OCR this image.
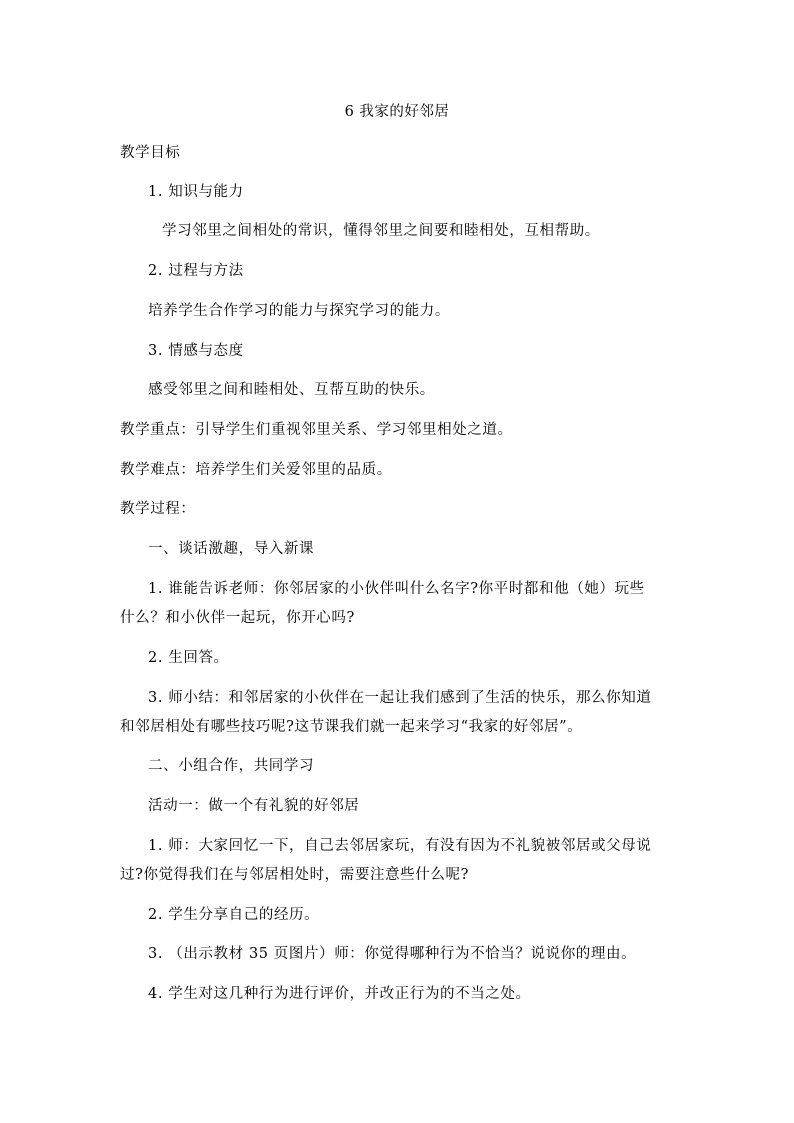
6 我家的好邻居
教学目标
1. 知识与能力
学习邻里之间相处的常识，懂得邻里之间要和睦相处，互相帮助。
2. 过程与方法
培养学生合作学习的能力与探究学习的能力。
3. 情感与态度
感受邻里之间和睦相处、互帮互助的快乐。
教学重点：引导学生们重视邻里关系、学习邻里相处之道。
教学难点：培养学生们关爱邻里的品质。
教学过程：
一、谈话激趣，导入新课
1. 谁能告诉老师：你邻居家的小伙伴叫什么名字?你平时都和他（她）玩些
什么？和小伙伴一起玩，你开心吗?
2. 生回答。
3. 师小结：和邻居家的小伙伴在一起让我们感到了生活的快乐，那么你知道
和邻居相处有哪些技巧呢?这节课我们就一起来学习“我家的好邻居”。
二、小组合作，共同学习
活动一：做一个有礼貌的好邻居
1. 师：大家回忆一下，自己去邻居家玩，有没有因为不礼貌被邻居或父母说
过?你觉得我们在与邻居相处时，需要注意些什么呢?
2. 学生分享自己的经历。
3. （出示教材 35 页图片）师：你觉得哪种行为不恰当？说说你的理由。
4. 学生对这几种行为进行评价，并改正行为的不当之处。
